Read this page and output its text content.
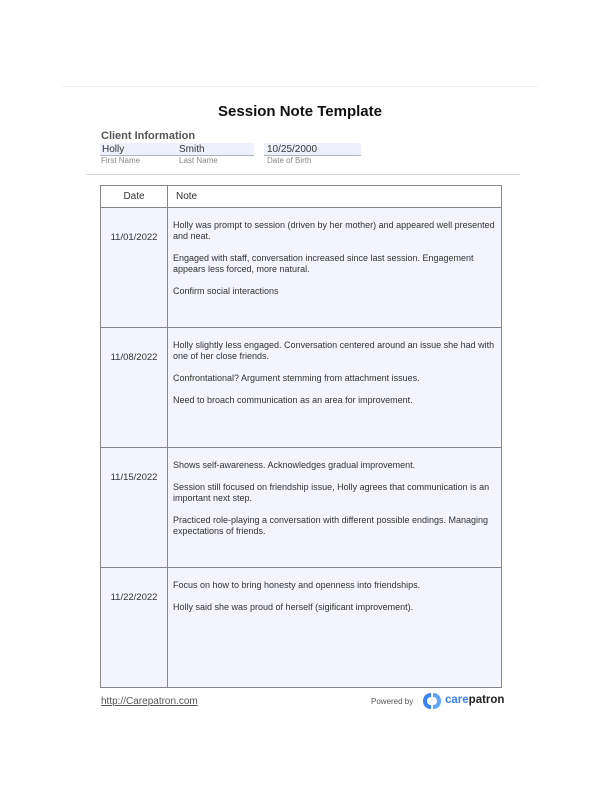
Session Note Template
Client Information
Holly	Smith	10/25/2000
First Name	Last Name	Date of Birth
Date	Note

11/01/2022	Holly was prompt to session (driven by her mother) and appeared well presented and neat.

Engaged with staff, conversation increased since last session. Engagement appears less forced, more natural.

Confirm social interactions

11/08/2022	Holly slightly less engaged. Conversation centered around an issue she had with one of her close friends.

Confrontational? Argument stemming from attachment issues.

Need to broach communication as an area for improvement.

11/15/2022	Shows self-awareness. Acknowledges gradual improvement.

Session still focused on friendship issue, Holly agrees that communication is an important next step.

Practiced role-playing a conversation with different possible endings. Managing expectations of friends.

11/22/2022	Focus on how to bring honesty and openness into friendships.

Holly said she was proud of herself (sigificant improvement).

http://Carepatron.com	Powered by	carepatron
